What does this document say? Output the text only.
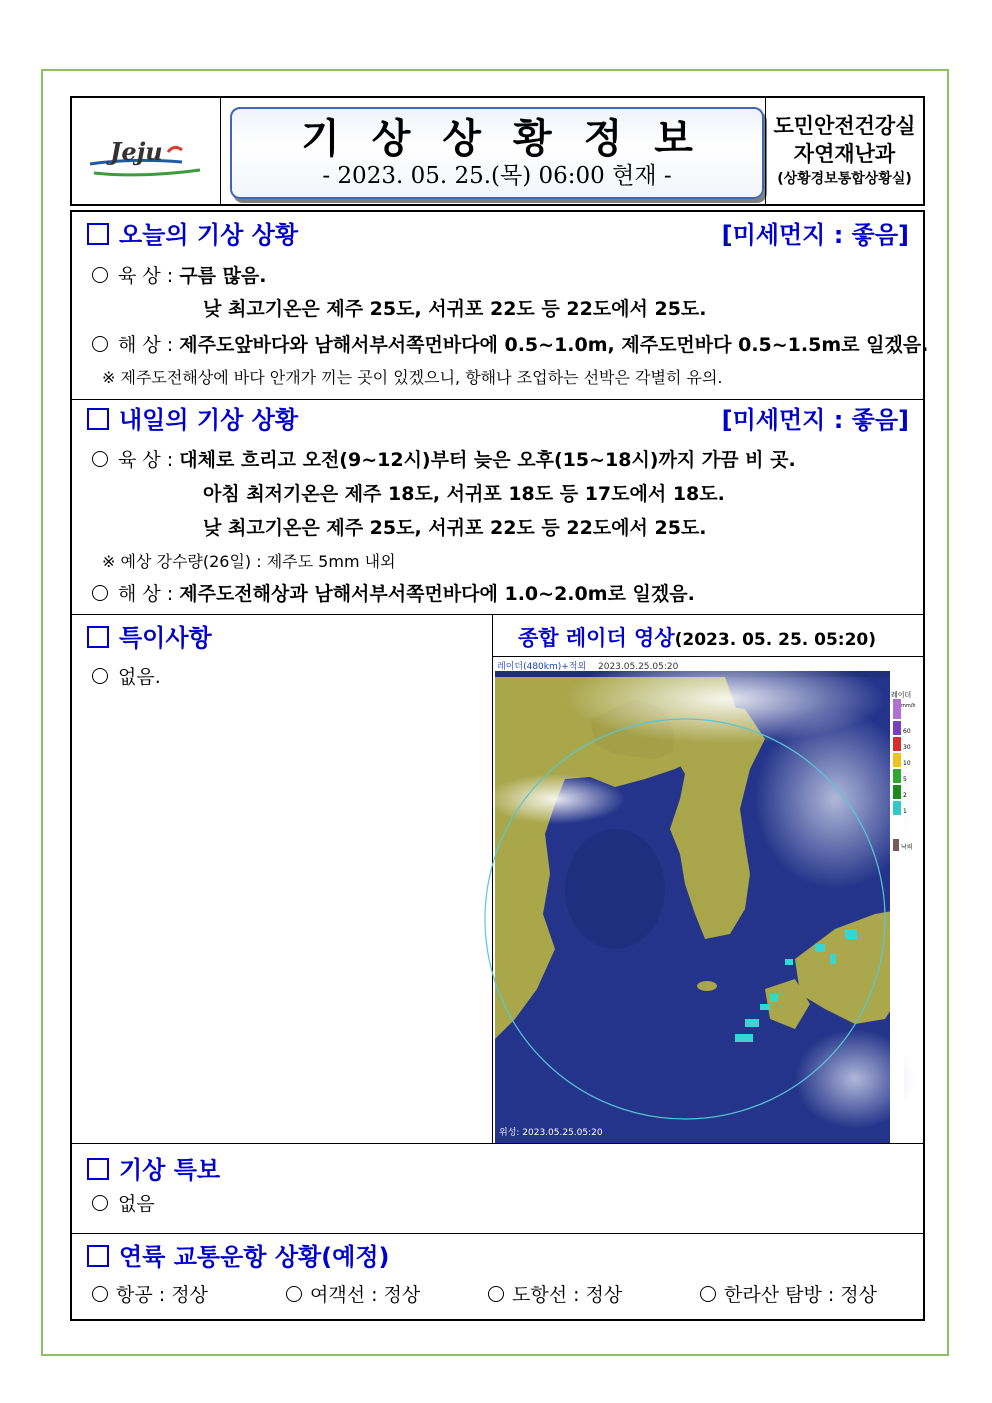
Jeju	기상상황정보
- 2023. 05. 25.(목) 06:00 현재 -
도민안전건강실
자연재난과
(상황경보통합상황실)
오늘의 기상 상황	[미세먼지 : 좋음]
육 상 : 구름 많음.
낮 최고기온은 제주 25도, 서귀포 22도 등 22도에서 25도.
해 상 : 제주도앞바다와 남해서부서쪽먼바다에 0.5~1.0m, 제주도먼바다 0.5~1.5m로 일겠음.
※ 제주도전해상에 바다 안개가 끼는 곳이 있겠으니, 항해나 조업하는 선박은 각별히 유의.
내일의 기상 상황	[미세먼지 : 좋음]
육 상 : 대체로 흐리고 오전(9~12시)부터 늦은 오후(15~18시)까지 가끔 비 곳.
아침 최저기온은 제주 18도, 서귀포 18도 등 17도에서 18도.
낮 최고기온은 제주 25도, 서귀포 22도 등 22도에서 25도.
※ 예상 강수량(26일) : 제주도 5mm 내외
해 상 : 제주도전해상과 남해서부서쪽먼바다에 1.0~2.0m로 일겠음.
특이사항
없음.
종합 레이더 영상(2023. 05. 25. 05:20)
레이더
mm/h
60
30
10
5
2
1
낙뢰
레이더(480km)+적외 2023.05.25.05:20
위성: 2023.05.25.05:20
기상 특보
없음
연륙 교통운항 상황(예정)
항공 : 정상	여객선 : 정상	도항선 : 정상	한라산 탐방 : 정상
